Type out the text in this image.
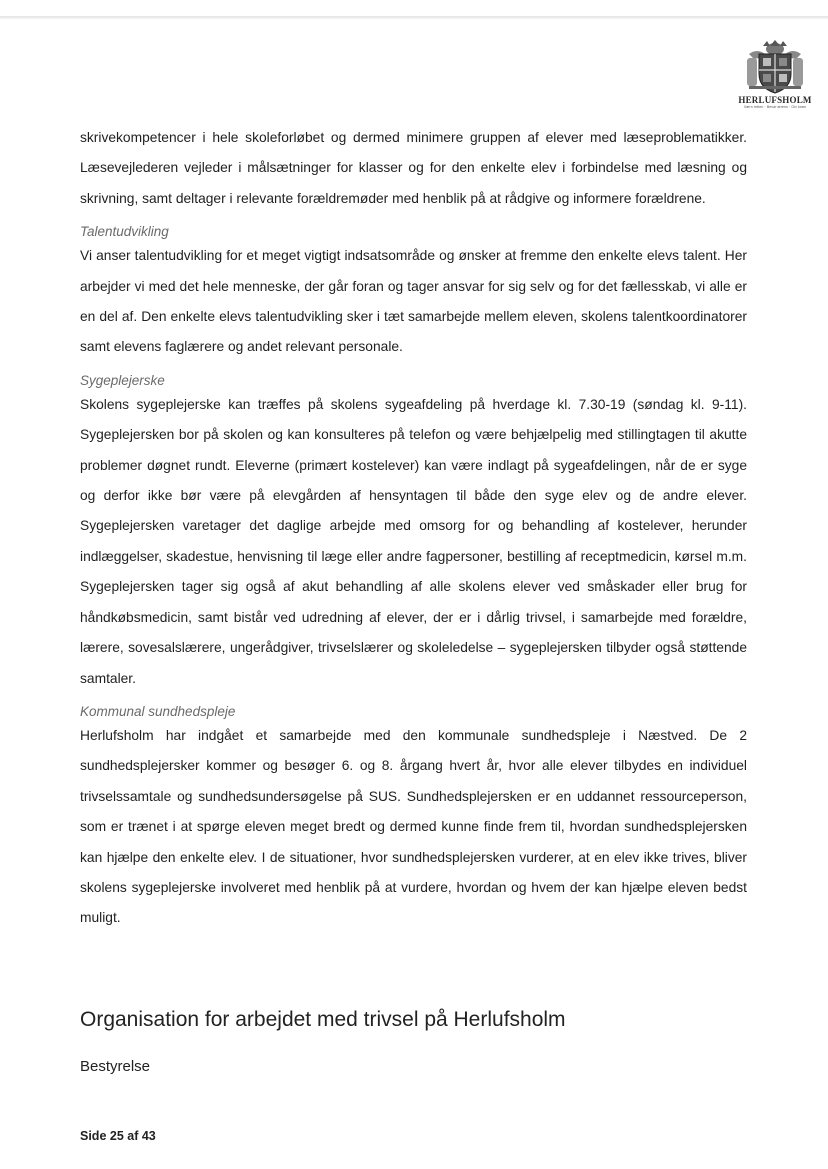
HERLUFSHOLM
Værn retten · Bevar ærens · Giv kram

skrivekompetencer i hele skoleforløbet og dermed minimere gruppen af elever med læseproblematikker. Læsevejlederen vejleder i målsætninger for klasser og for den enkelte elev i forbindelse med læsning og skrivning, samt deltager i relevante forældremøder med henblik på at rådgive og informere forældrene.

Talentudvikling

Vi anser talentudvikling for et meget vigtigt indsatsområde og ønsker at fremme den enkelte elevs talent. Her arbejder vi med det hele menneske, der går foran og tager ansvar for sig selv og for det fællesskab, vi alle er en del af. Den enkelte elevs talentudvikling sker i tæt samarbejde mellem eleven, skolens talentkoordinatorer samt elevens faglærere og andet relevant personale.

Sygeplejerske

Skolens sygeplejerske kan træffes på skolens sygeafdeling på hverdage kl. 7.30-19 (søndag kl. 9-11). Sygeplejersken bor på skolen og kan konsulteres på telefon og være behjælpelig med stillingtagen til akutte problemer døgnet rundt. Eleverne (primært kostelever) kan være indlagt på sygeafdelingen, når de er syge og derfor ikke bør være på elevgården af hensyntagen til både den syge elev og de andre elever. Sygeplejersken varetager det daglige arbejde med omsorg for og behandling af kostelever, herunder indlæggelser, skadestue, henvisning til læge eller andre fagpersoner, bestilling af receptmedicin, kørsel m.m. Sygeplejersken tager sig også af akut behandling af alle skolens elever ved småskader eller brug for håndkøbsmedicin, samt bistår ved udredning af elever, der er i dårlig trivsel, i samarbejde med forældre, lærere, sovesalslærere, ungerådgiver, trivselslærer og skoleledelse – sygeplejersken tilbyder også støttende samtaler.

Kommunal sundhedspleje

Herlufsholm har indgået et samarbejde med den kommunale sundhedspleje i Næstved. De 2 sundhedsplejersker kommer og besøger 6. og 8. årgang hvert år, hvor alle elever tilbydes en individuel trivselssamtale og sundhedsundersøgelse på SUS. Sundhedsplejersken er en uddannet ressourceperson, som er trænet i at spørge eleven meget bredt og dermed kunne finde frem til, hvordan sundhedsplejersken kan hjælpe den enkelte elev. I de situationer, hvor sundhedsplejersken vurderer, at en elev ikke trives, bliver skolens sygeplejerske involveret med henblik på at vurdere, hvordan og hvem der kan hjælpe eleven bedst muligt.

Organisation for arbejdet med trivsel på Herlufsholm
Bestyrelse

Side 25 af 43
